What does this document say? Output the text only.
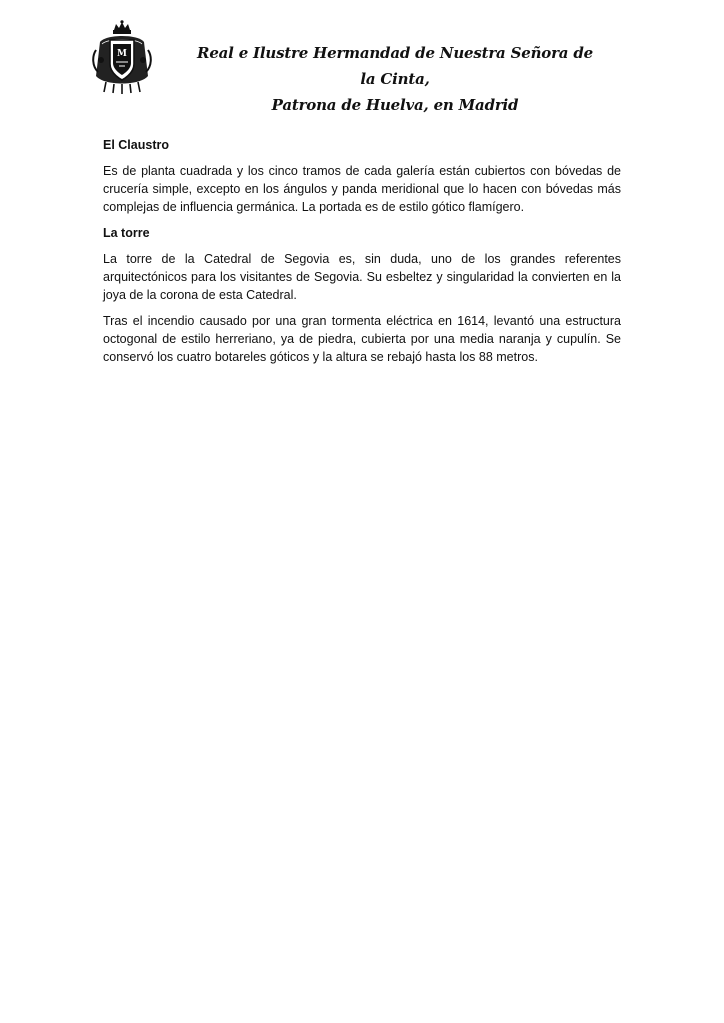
M	Real e Ilustre Hermandad de Nuestra Señora de la Cinta,
Patrona de Huelva, en Madrid

El Claustro

Es de planta cuadrada y los cinco tramos de cada galería están cubiertos con bóvedas de crucería simple, excepto en los ángulos y panda meridional que lo hacen con bóvedas más complejas de influencia germánica. La portada es de estilo gótico flamígero.

La torre

La torre de la Catedral de Segovia es, sin duda, uno de los grandes referentes arquitectónicos para los visitantes de Segovia. Su esbeltez y singularidad la convierten en la joya de la corona de esta Catedral.

Tras el incendio causado por una gran tormenta eléctrica en 1614, levantó una estructura octogonal de estilo herreriano, ya de piedra, cubierta por una media naranja y cupulín. Se conservó los cuatro botareles góticos y la altura se rebajó hasta los 88 metros.
